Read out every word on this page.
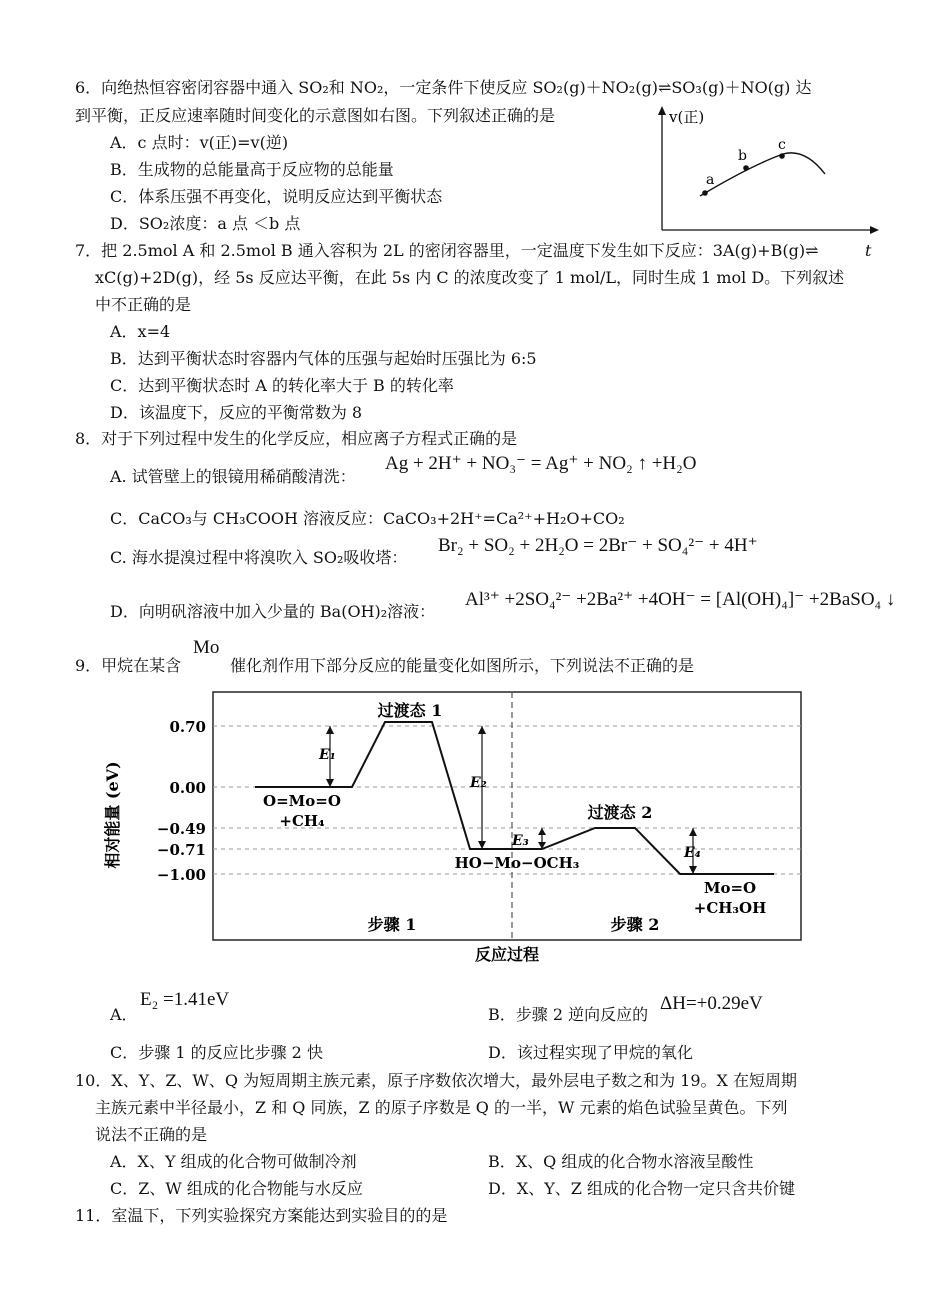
6．向绝热恒容密闭容器中通入 SO₂和 NO₂，一定条件下使反应 SO₂(g)＋NO₂(g)⇌SO₃(g)＋NO(g) 达
到平衡，正反应速率随时间变化的示意图如右图。下列叙述正确的是
A．c 点时：v(正)=v(逆)
B．生成物的总能量高于反应物的总能量
C．体系压强不再变化，说明反应达到平衡状态
D．SO₂浓度：a 点 ＜b 点
v(正)
a
b
c
7．把 2.5mol A 和 2.5mol B 通入容积为 2L 的密闭容器里，一定温度下发生如下反应：3A(g)+B(g)⇌	t
xC(g)+2D(g)，经 5s 反应达平衡，在此 5s 内 C 的浓度改变了 1 mol/L，同时生成 1 mol D。下列叙述
中不正确的是
A．x=4
B．达到平衡状态时容器内气体的压强与起始时压强比为 6:5
C．达到平衡状态时 A 的转化率大于 B 的转化率
D．该温度下，反应的平衡常数为 8
8．对于下列过程中发生的化学反应，相应离子方程式正确的是
A. 试管壁上的银镜用稀硝酸清洗：
Ag + 2H⁺ + NO₃⁻ = Ag⁺ + NO₂ ↑ +H₂O
C．CaCO₃与 CH₃COOH 溶液反应：CaCO₃+2H⁺=Ca²⁺+H₂O+CO₂
C. 海水提溴过程中将溴吹入 SO₂吸收塔：
Br₂ + SO₂ + 2H₂O = 2Br⁻ + SO₄²⁻ + 4H⁺
D．向明矾溶液中加入少量的 Ba(OH)₂溶液：
Al³⁺ +2SO₄²⁻ +2Ba²⁺ +4OH⁻ = [Al(OH)₄]⁻ +2BaSO₄ ↓
9．甲烷在某含
Mo
催化剂作用下部分反应的能量变化如图所示，下列说法不正确的是
0.70
0.00
−0.49
−0.71
−1.00
相对能量 (eV)
反应过程
E₁
E₂
E₃
E₄
过渡态 1
过渡态 2
O=Mo=O
+CH₄
HO−Mo−OCH₃
Mo=O
+CH₃OH
步骤 1	步骤 2
A．
E₂ =1.41eV
B．步骤 2 逆向反应的
ΔH=+0.29eV
C．步骤 1 的反应比步骤 2 快	D．该过程实现了甲烷的氧化
10．X、Y、Z、W、Q 为短周期主族元素，原子序数依次增大，最外层电子数之和为 19。X 在短周期
主族元素中半径最小，Z 和 Q 同族，Z 的原子序数是 Q 的一半，W 元素的焰色试验呈黄色。下列
说法不正确的是
A．X、Y 组成的化合物可做制冷剂	B．X、Q 组成的化合物水溶液呈酸性
C．Z、W 组成的化合物能与水反应	D．X、Y、Z 组成的化合物一定只含共价键
11．室温下，下列实验探究方案能达到实验目的的是
